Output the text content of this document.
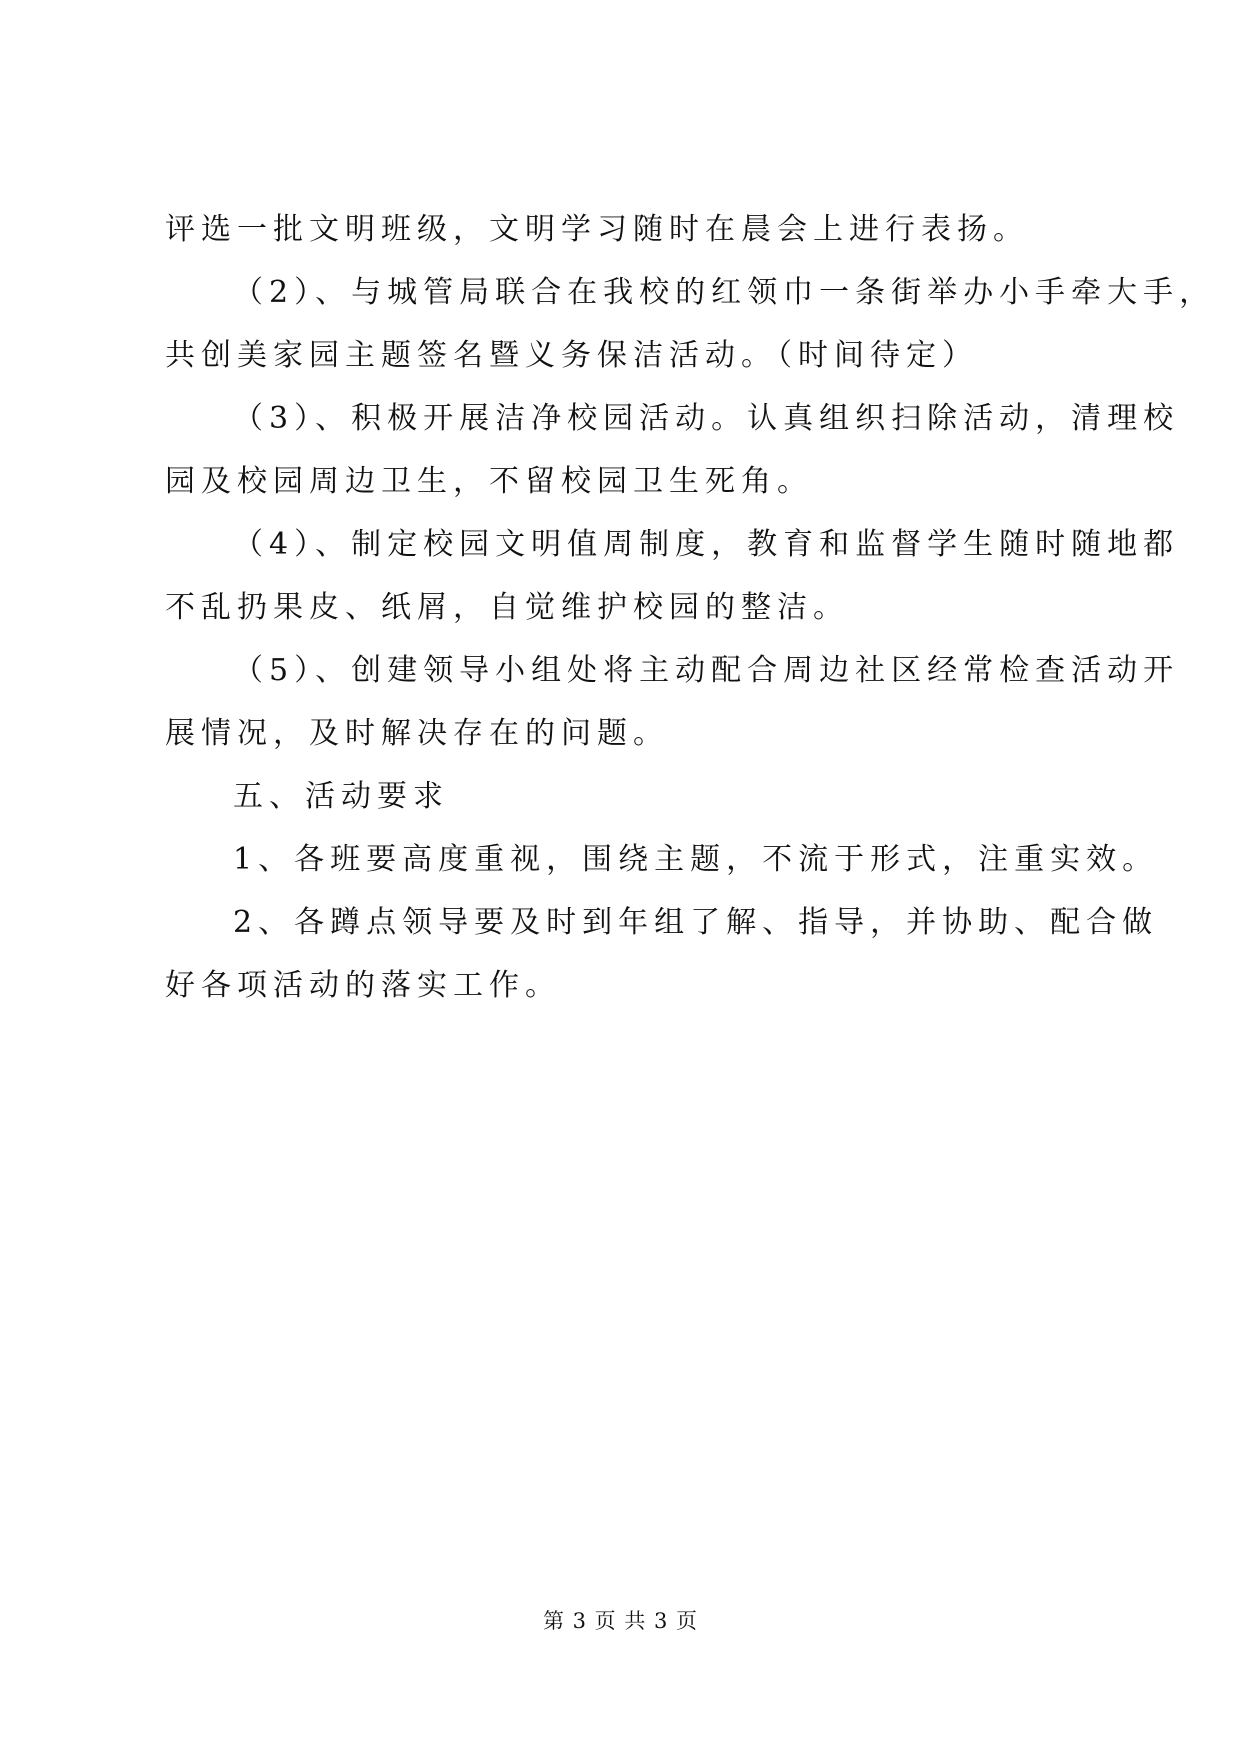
评选一批文明班级，文明学习随时在晨会上进行表扬。
（2）、与城管局联合在我校的红领巾一条街举办小手牵大手，
共创美家园主题签名暨义务保洁活动。（时间待定）
（3）、积极开展洁净校园活动。认真组织扫除活动，清理校
园及校园周边卫生，不留校园卫生死角。
（4）、制定校园文明值周制度，教育和监督学生随时随地都
不乱扔果皮、纸屑，自觉维护校园的整洁。
（5）、创建领导小组处将主动配合周边社区经常检查活动开
展情况，及时解决存在的问题。
五、活动要求
1、各班要高度重视，围绕主题，不流于形式，注重实效。
2、各蹲点领导要及时到年组了解、指导，并协助、配合做
好各项活动的落实工作。
第 3 页 共 3 页
